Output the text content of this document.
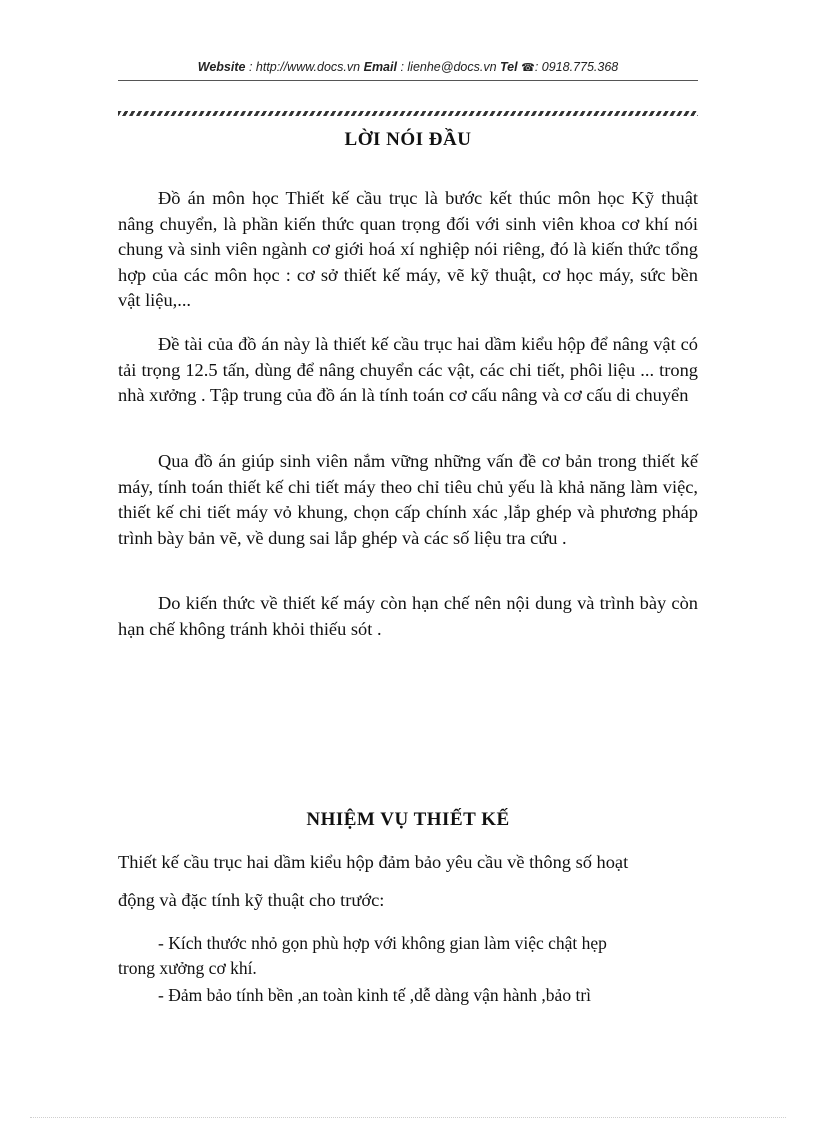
Website : http://www.docs.vn Email : lienhe@docs.vn Tel ☎: 0918.775.368
LỜI NÓI ĐẦU

Đồ án môn học Thiết kế cầu trục là bước kết thúc môn học Kỹ thuật nâng chuyển, là phần kiến thức quan trọng đối với sinh viên khoa cơ khí nói chung và sinh viên ngành cơ giới hoá xí nghiệp nói riêng, đó là kiến thức tổng hợp của các môn học : cơ sở thiết kế máy, vẽ kỹ thuật, cơ học máy, sức bền vật liệu,...

Đề tài của đồ án này là thiết kế cầu trục hai dầm kiểu hộp để nâng vật có tải trọng 12.5 tấn, dùng để nâng chuyển các vật, các chi tiết, phôi liệu ... trong nhà xưởng . Tập trung của đồ án là tính toán cơ cấu nâng và cơ cấu di chuyển

Qua đồ án giúp sinh viên nắm vững những vấn đề cơ bản trong thiết kế máy, tính toán thiết kế chi tiết máy theo chỉ tiêu chủ yếu là khả năng làm việc, thiết kế chi tiết máy vỏ khung, chọn cấp chính xác ,lắp ghép và phương pháp trình bày bản vẽ, về dung sai lắp ghép và các số liệu tra cứu .

Do kiến thức về thiết kế máy còn hạn chế nên nội dung và trình bày còn hạn chế không tránh khỏi thiếu sót .

NHIỆM VỤ THIẾT KẾ

Thiết kế cầu trục hai dầm kiểu hộp đảm bảo yêu cầu về thông số hoạt

động và đặc tính kỹ thuật cho trước:

- Kích thước nhỏ gọn phù hợp với không gian làm việc chật hẹp

trong xưởng cơ khí.

- Đảm bảo tính bền ,an toàn kinh tế ,dễ dàng vận hành ,bảo trì
